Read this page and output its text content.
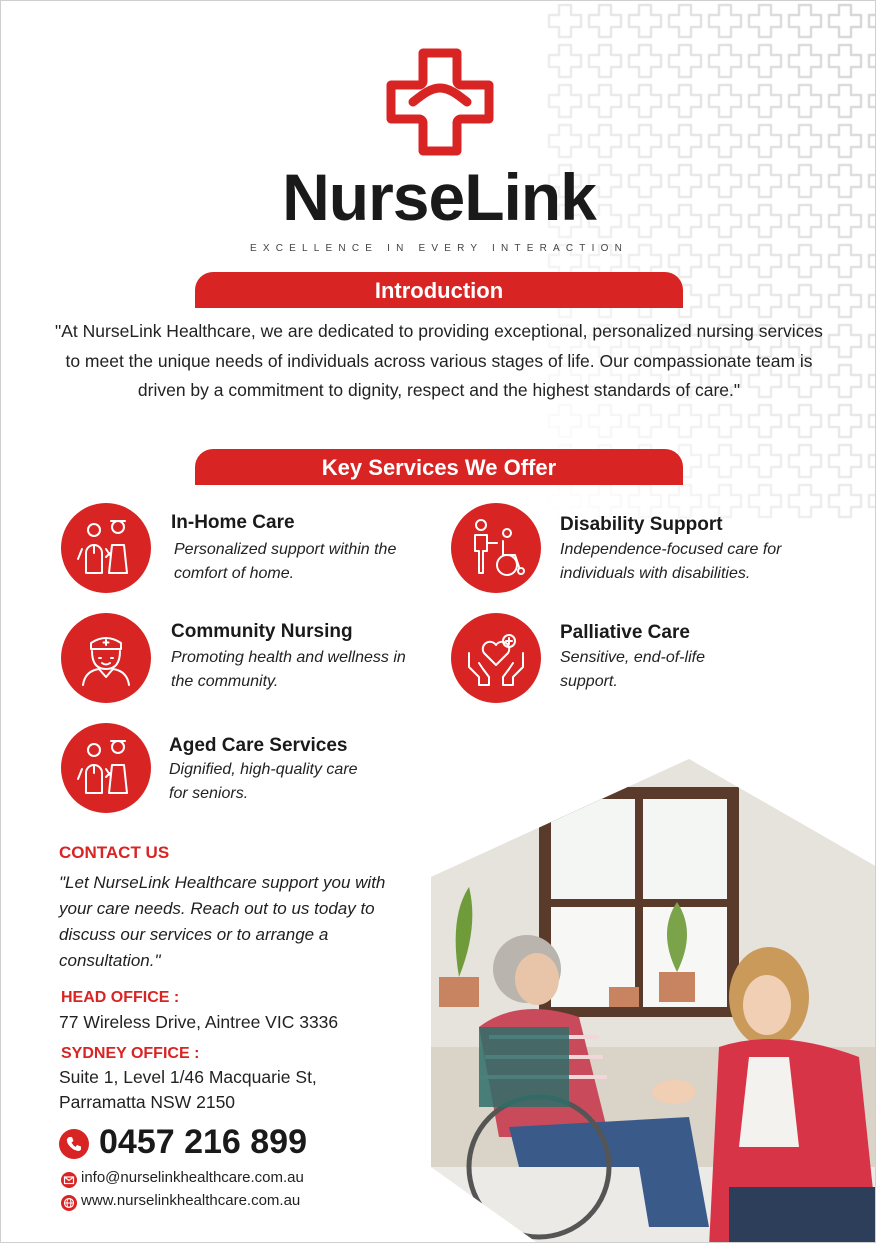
NurseLink
EXCELLENCE IN EVERY INTERACTION
Introduction
"At NurseLink Healthcare, we are dedicated to providing exceptional, personalized nursing services to meet the unique needs of individuals across various stages of life. Our compassionate team is driven by a commitment to dignity, respect and the highest standards of care."
Key Services We Offer
In-Home Care
Personalized support within the comfort of home.
Disability Support
Independence-focused care for individuals with disabilities.
Community Nursing
Promoting health and wellness in the community.
Palliative Care
Sensitive, end-of-life support.
Aged Care Services
Dignified, high-quality care for seniors.
CONTACT US
"Let NurseLink Healthcare support you with your care needs. Reach out to us today to discuss our services or to arrange a consultation."
HEAD OFFICE :
77 Wireless Drive, Aintree VIC 3336
SYDNEY OFFICE :
Suite 1, Level 1/46 Macquarie St,
Parramatta NSW 2150
0457 216 899
info@nurselinkhealthcare.com.au
www.nurselinkhealthcare.com.au
